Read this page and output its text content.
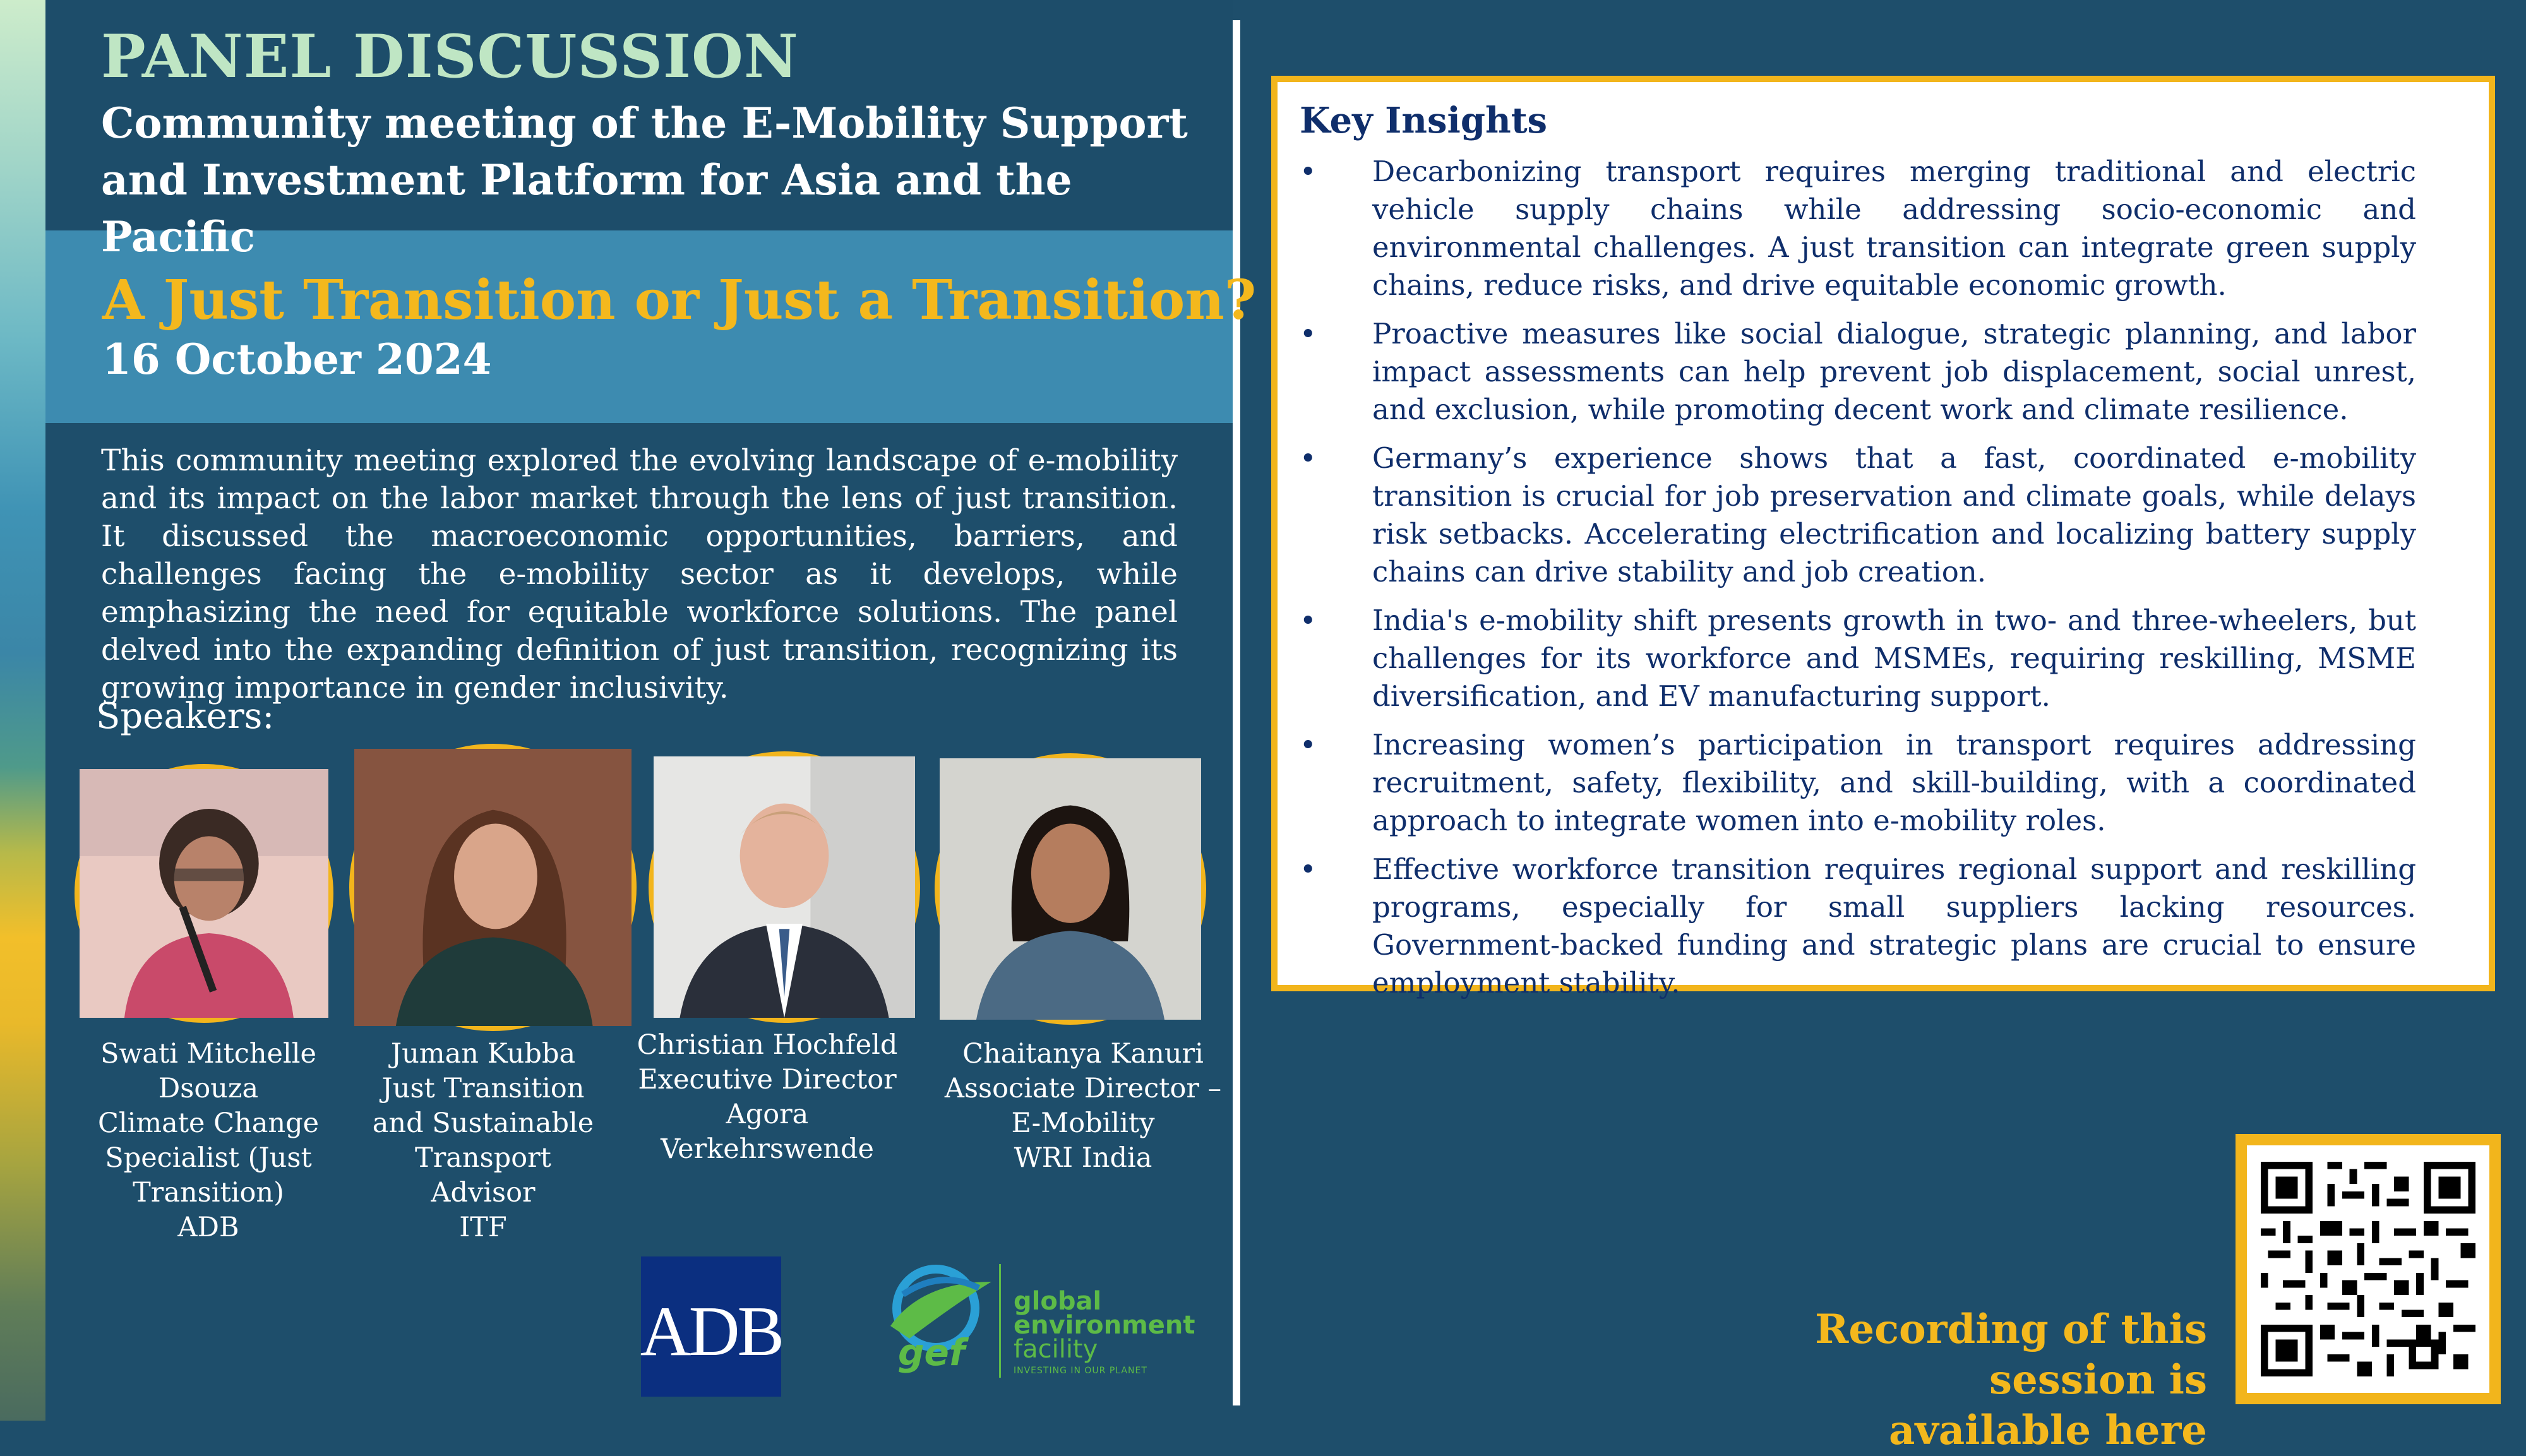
PANEL DISCUSSION
Community meeting of the E-Mobility Support and Investment Platform for Asia and the Pacific
A Just Transition or Just a Transition?
16 October 2024
This community meeting explored the evolving landscape of e-mobility and its impact on the labor market through the lens of just transition. It discussed the macroeconomic opportunities, barriers, and challenges facing the e-mobility sector as it develops, while emphasizing the need for equitable workforce solutions. The panel delved into the expanding definition of just transition, recognizing its growing importance in gender inclusivity.
Speakers:
Swati Mitchelle Dsouza
Climate Change Specialist (Just Transition)
ADB
Juman Kubba
Just Transition and Sustainable Transport Advisor
ITF
Christian Hochfeld
Executive Director
Agora Verkehrswende
Chaitanya Kanuri
Associate Director – E-Mobility
WRI India
ADB	gef
global
environment
facility
INVESTING IN OUR PLANET
Key Insights
• Decarbonizing transport requires merging traditional and electric vehicle supply chains while addressing socio-economic and environmental challenges. A just transition can integrate green supply chains, reduce risks, and drive equitable economic growth.
• Proactive measures like social dialogue, strategic planning, and labor impact assessments can help prevent job displacement, social unrest, and exclusion, while promoting decent work and climate resilience.
• Germany’s experience shows that a fast, coordinated e-mobility transition is crucial for job preservation and climate goals, while delays risk setbacks. Accelerating electrification and localizing battery supply chains can drive stability and job creation.
• India's e-mobility shift presents growth in two- and three-wheelers, but challenges for its workforce and MSMEs, requiring reskilling, MSME diversification, and EV manufacturing support.
• Increasing women’s participation in transport requires addressing recruitment, safety, flexibility, and skill-building, with a coordinated approach to integrate women into e-mobility roles.
• Effective workforce transition requires regional support and reskilling programs, especially for small suppliers lacking resources. Government-backed funding and strategic plans are crucial to ensure employment stability.
Recording of this session is
available here
